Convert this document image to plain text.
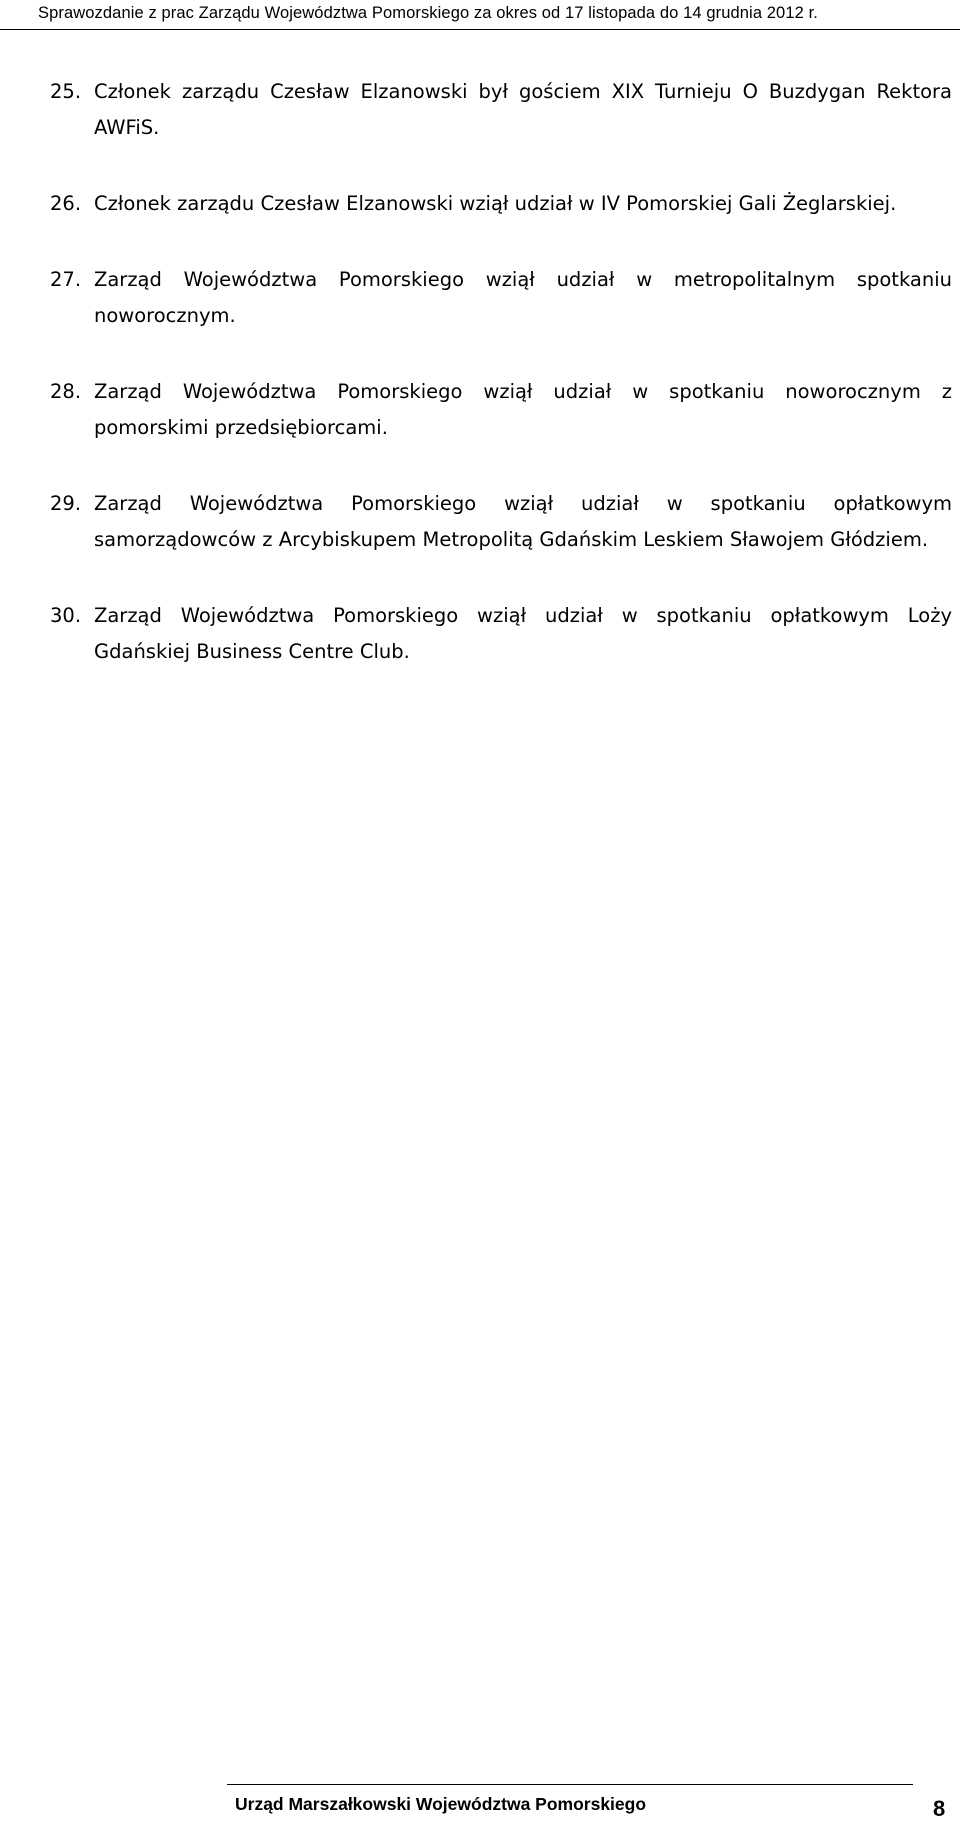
Sprawozdanie z prac Zarządu Województwa Pomorskiego za okres od 17 listopada do 14 grudnia 2012 r.
25. Członek zarządu Czesław Elzanowski był gościem XIX Turnieju O Buzdygan Rektora AWFiS.
26. Członek zarządu Czesław Elzanowski wziął udział w IV Pomorskiej Gali Żeglarskiej.
27. Zarząd Województwa Pomorskiego wziął udział w metropolitalnym spotkaniu noworocznym.
28. Zarząd Województwa Pomorskiego wziął udział w spotkaniu noworocznym z pomorskimi przedsiębiorcami.
29. Zarząd Województwa Pomorskiego wziął udział w spotkaniu opłatkowym samorządowców z Arcybiskupem Metropolitą Gdańskim Leskiem Sławojem Głódziem.
30. Zarząd Województwa Pomorskiego wziął udział w spotkaniu opłatkowym Loży Gdańskiej Business Centre Club.
Urząd Marszałkowski Województwa Pomorskiego	8
